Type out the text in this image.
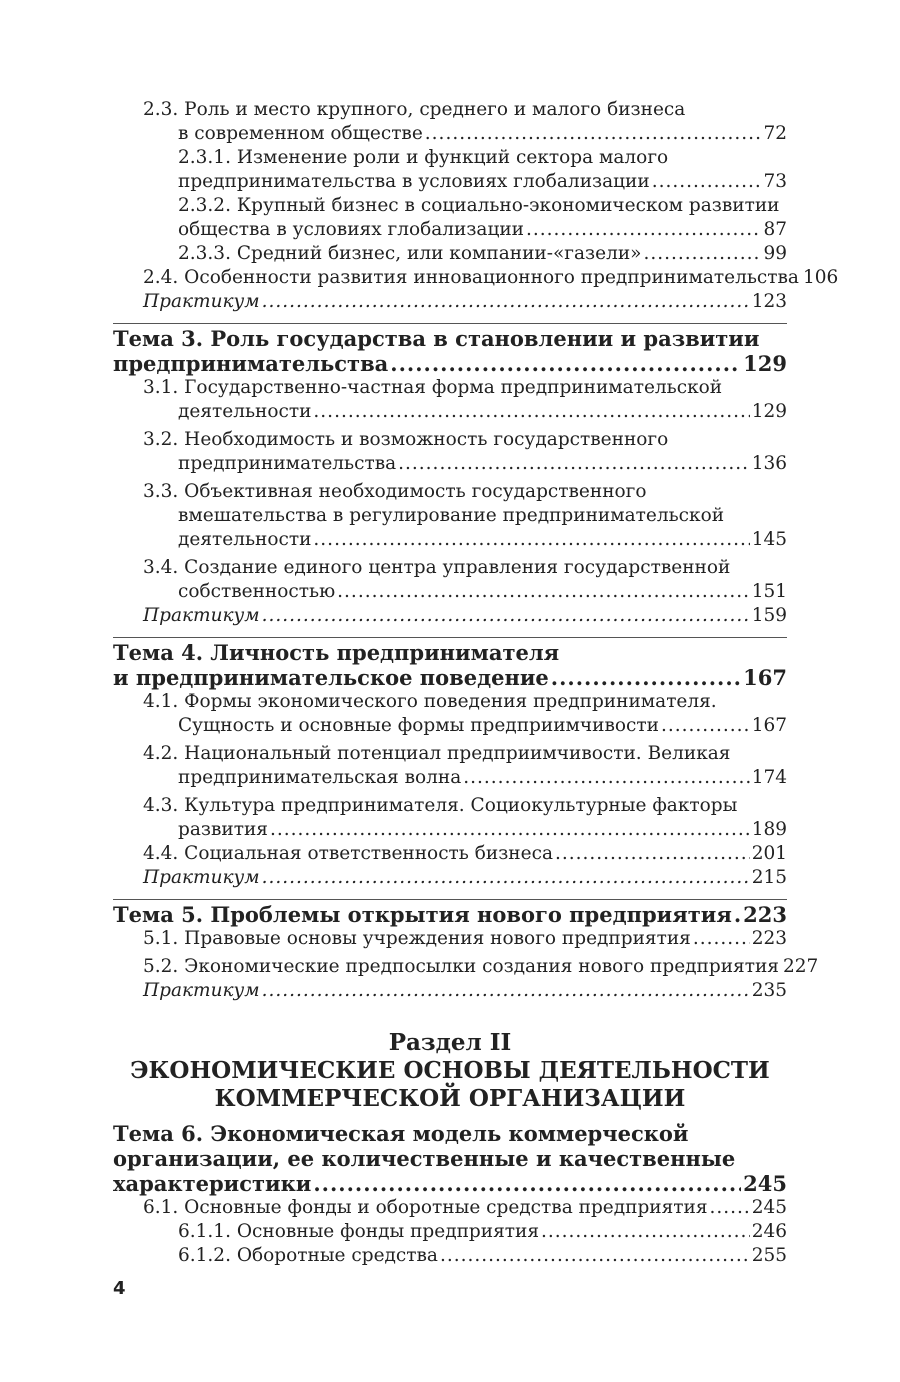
2.3. Роль и место крупного, среднего и малого бизнеса
в современном обществе .....	72
2.3.1. Изменение роли и функций сектора малого
предпринимательства в условиях глобализации .....	73
2.3.2. Крупный бизнес в социально-экономическом развитии
общества в условиях глобализации .....	87
2.3.3. Средний бизнес, или компании-«газели» .....	99
2.4. Особенности развития инновационного предпринимательства 106
Практикум .....	123
Тема 3. Роль государства в становлении и развитии
предпринимательства .....	129
3.1. Государственно-частная форма предпринимательской
деятельности .....	129
3.2. Необходимость и возможность государственного
предпринимательства .....	136
3.3. Объективная необходимость государственного
вмешательства в регулирование предпринимательской
деятельности .....	145
3.4. Создание единого центра управления государственной
собственностью .....	151
Практикум .....	159
Тема 4. Личность предпринимателя
и предпринимательское поведение .....	167
4.1. Формы экономического поведения предпринимателя.
Сущность и основные формы предприимчивости .....	167
4.2. Национальный потенциал предприимчивости. Великая
предпринимательская волна .....	174
4.3. Культура предпринимателя. Социокультурные факторы
развития .....	189
4.4. Социальная ответственность бизнеса .....	201
Практикум .....	215
Тема 5. Проблемы открытия нового предприятия ..... 223
5.1. Правовые основы учреждения нового предприятия .....	223
5.2. Экономические предпосылки создания нового предприятия 227
Практикум .....	235
Раздел II
ЭКОНОМИЧЕСКИЕ ОСНОВЫ ДЕЯТЕЛЬНОСТИ
КОММЕРЧЕСКОЙ ОРГАНИЗАЦИИ
Тема 6. Экономическая модель коммерческой
организации, ее количественные и качественные
характеристики .....	245
6.1. Основные фонды и оборотные средства предприятия ..... 245
6.1.1. Основные фонды предприятия .....	246
6.1.2. Оборотные средства .....	255
4
